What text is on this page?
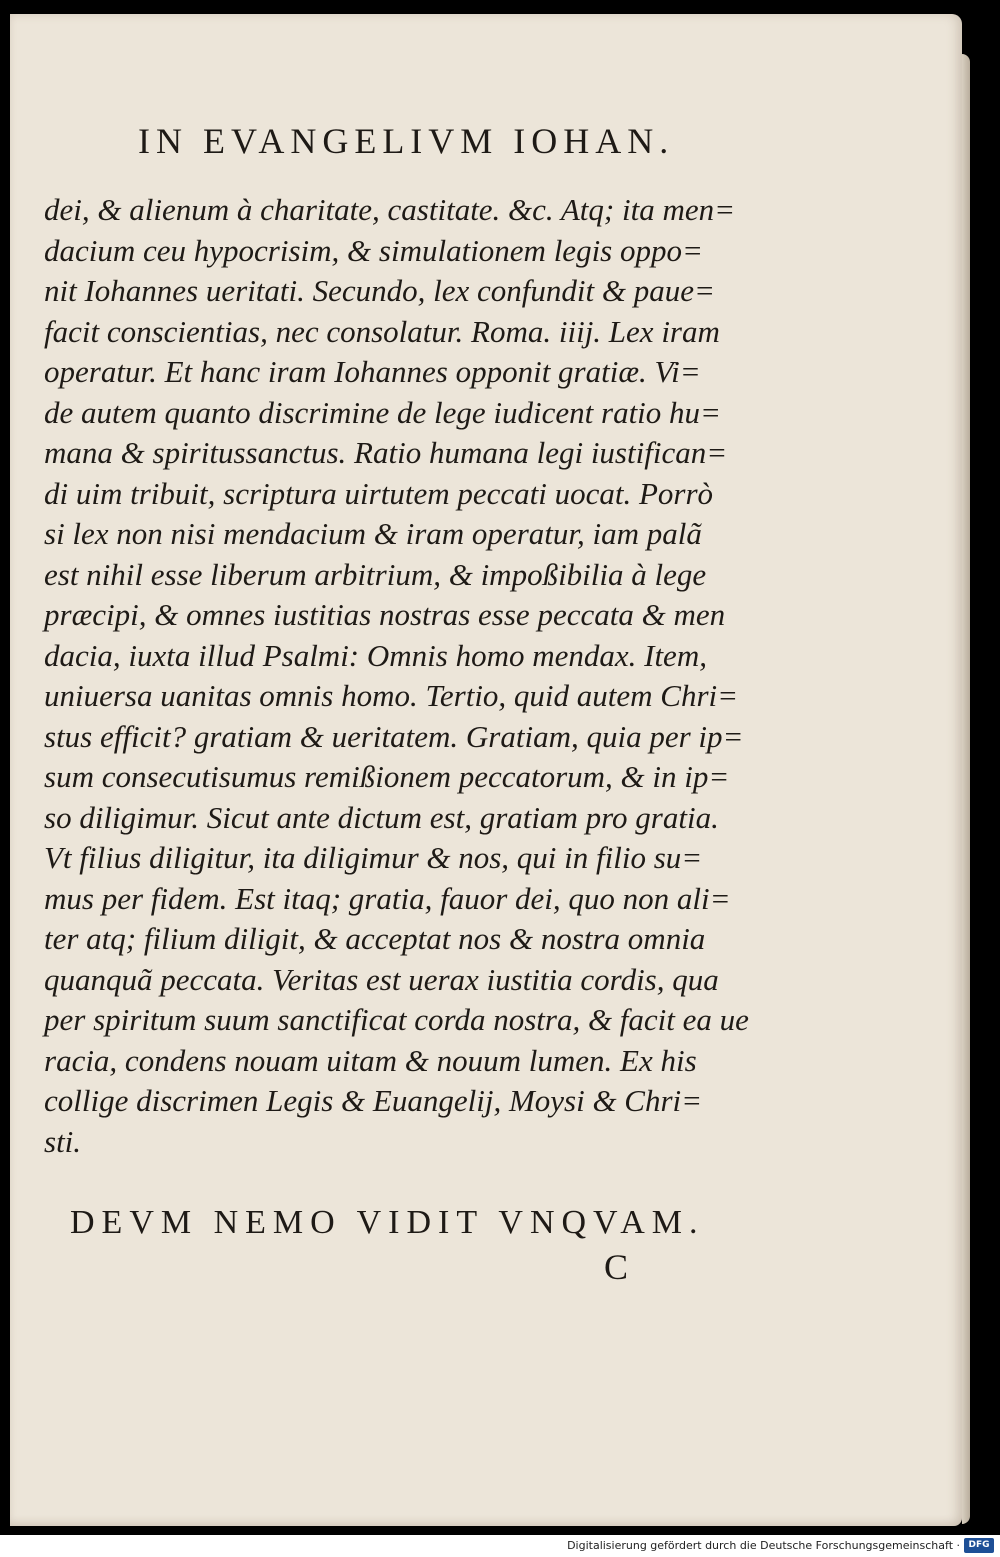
IN EVANGELIVM IOHAN.
dei, & alienum à charitate, castitate. &c. Atq; ita men=
dacium ceu hypocrisim, & simulationem legis oppo=
nit Iohannes ueritati. Secundo, lex confundit & paue=
facit conscientias, nec consolatur. Roma. iiij. Lex iram
operatur. Et hanc iram Iohannes opponit gratiæ. Vi=
de autem quanto discrimine de lege iudicent ratio hu=
mana & spiritussanctus. Ratio humana legi iustifican=
di uim tribuit, scriptura uirtutem peccati uocat. Porrò
si lex non nisi mendacium & iram operatur, iam palã
est nihil esse liberum arbitrium, & impoßibilia à lege
præcipi, & omnes iustitias nostras esse peccata & men
dacia, iuxta illud Psalmi: Omnis homo mendax. Item,
uniuersa uanitas omnis homo. Tertio, quid autem Chri=
stus efficit? gratiam & ueritatem. Gratiam, quia per ip=
sum consecutisumus remißionem peccatorum, & in ip=
so diligimur. Sicut ante dictum est, gratiam pro gratia.
Vt filius diligitur, ita diligimur & nos, qui in filio su=
mus per fidem. Est itaq; gratia, fauor dei, quo non ali=
ter atq; filium diligit, & acceptat nos & nostra omnia
quanquã peccata. Veritas est uerax iustitia cordis, qua
per spiritum suum sanctificat corda nostra, & facit ea ue
racia, condens nouam uitam & nouum lumen. Ex his
collige discrimen Legis & Euangelij, Moysi & Chri=
sti.
DEVM NEMO VIDIT VNQVAM.
C
Digitalisierung gefördert durch die Deutsche Forschungsgemeinschaft · DFG
